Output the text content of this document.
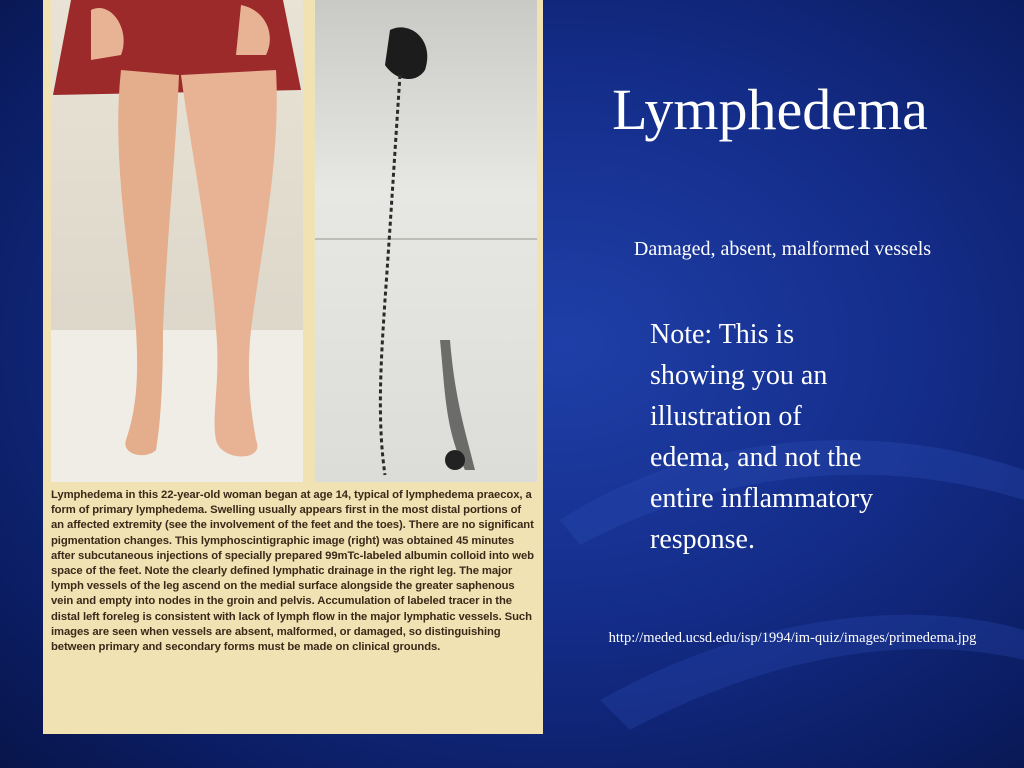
Lymphedema in this 22-year-old woman began at age 14, typical of lymphedema praecox, a form of primary lymphedema. Swelling usually appears first in the most distal portions of an affected extremity (see the involvement of the feet and the toes). There are no significant pigmentation changes. This lymphoscintigraphic image (right) was obtained 45 minutes after subcutaneous injections of specially prepared 99mTc-labeled albumin colloid into web space of the feet. Note the clearly defined lymphatic drainage in the right leg. The major lymph vessels of the leg ascend on the medial surface alongside the greater saphenous vein and empty into nodes in the groin and pelvis. Accumulation of labeled tracer in the distal left foreleg is consistent with lack of lymph flow in the major lymphatic vessels. Such images are seen when vessels are absent, malformed, or damaged, so distinguishing between primary and secondary forms must be made on clinical grounds.
Lymphedema
Damaged, absent, malformed vessels
Note: This is showing you an illustration of edema, and not the entire inflammatory response.
http://meded.ucsd.edu/isp/1994/im-quiz/images/primedema.jpg
